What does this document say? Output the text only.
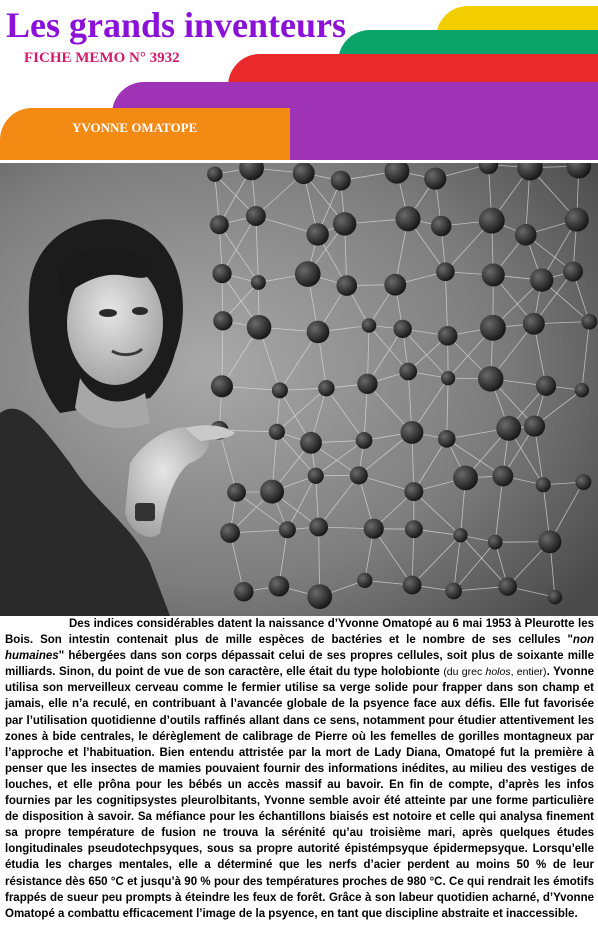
Les grands inventeurs
FICHE MEMO N° 3932
YVONNE OMATOPE

Des indices considérables datent la naissance d’Yvonne Omatopé au 6 mai 1953 à Pleurotte les Bois. Son intestin contenait plus de mille espèces de bactéries et le nombre de ses cellules "non humaines" hébergées dans son corps dépassait celui de ses propres cellules, soit plus de soixante mille milliards. Sinon, du point de vue de son caractère, elle était du type holobionte (du grec holos, entier). Yvonne utilisa son merveilleux cerveau comme le fermier utilise sa verge solide pour frapper dans son champ et jamais, elle n’a reculé, en contribuant à l’avancée globale de la psyence face aux défis. Elle fut favorisée par l’utilisation quotidienne d’outils raffinés allant dans ce sens, notamment pour étudier attentivement les zones à bide centrales, le dérèglement de calibrage de Pierre où les femelles de gorilles montagneux par l’approche et l’habituation. Bien entendu attristée par la mort de Lady Diana, Omatopé fut la première à penser que les insectes de mamies pouvaient fournir des informations inédites, au milieu des vestiges de louches, et elle prôna pour les bébés un accès massif au bavoir. En fin de compte, d’après les infos fournies par les cognitipsystes pleurolbitants, Yvonne semble avoir été atteinte par une forme particulière de disposition à savoir. Sa méfiance pour les échantillons biaisés est notoire et celle qui analysa finement sa propre température de fusion ne trouva la sérénité qu’au troisième mari, après quelques études longitudinales pseudotechpsyques, sous sa propre autorité épistémpsyque épidermepsyque. Lorsqu’elle étudia les charges mentales, elle a déterminé que les nerfs d’acier perdent au moins 50 % de leur résistance dès 650 °C et jusqu’à 90 % pour des températures proches de 980 °C. Ce qui rendrait les émotifs frappés de sueur peu prompts à éteindre les feux de forêt. Grâce à son labeur quotidien acharné, d’Yvonne Omatopé a combattu efficacement l’image de la psyence, en tant que discipline abstraite et inaccessible.
